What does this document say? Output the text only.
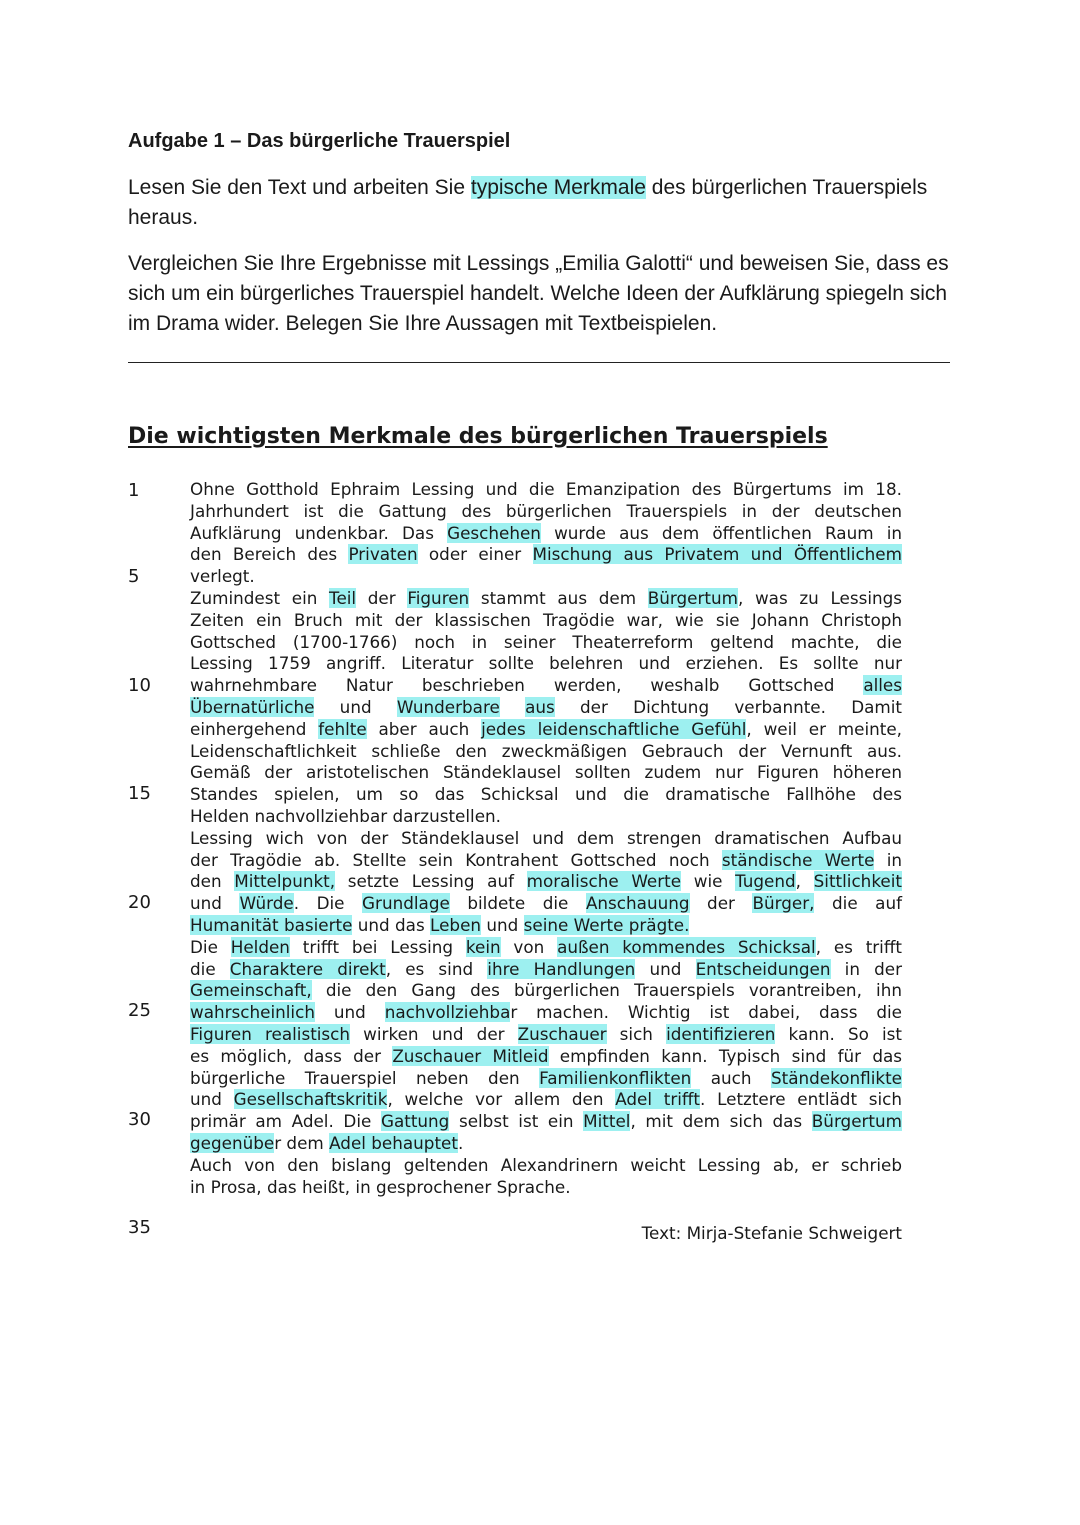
Aufgabe 1 – Das bürgerliche Trauerspiel
Lesen Sie den Text und arbeiten Sie typische Merkmale des bürgerlichen Trauerspiels heraus.
Vergleichen Sie Ihre Ergebnisse mit Lessings „Emilia Galotti“ und beweisen Sie, dass es sich um ein bürgerliches Trauerspiel handelt. Welche Ideen der Aufklärung spiegeln sich im Drama wider. Belegen Sie Ihre Aussagen mit Textbeispielen.
Die wichtigsten Merkmale des bürgerlichen Trauerspiels
1
5
10
15
20
25
30
35
Ohne Gotthold Ephraim Lessing und die Emanzipation des Bürgertums im 18.
Jahrhundert ist die Gattung des bürgerlichen Trauerspiels in der deutschen
Aufklärung undenkbar. Das Geschehen wurde aus dem öffentlichen Raum in
den Bereich des Privaten oder einer Mischung aus Privatem und Öffentlichem
verlegt.
Zumindest ein Teil der Figuren stammt aus dem Bürgertum, was zu Lessings
Zeiten ein Bruch mit der klassischen Tragödie war, wie sie Johann Christoph
Gottsched (1700-1766) noch in seiner Theaterreform geltend machte, die
Lessing 1759 angriff. Literatur sollte belehren und erziehen. Es sollte nur
wahrnehmbare Natur beschrieben werden, weshalb Gottsched alles
Übernatürliche und Wunderbare aus der Dichtung verbannte. Damit
einhergehend fehlte aber auch jedes leidenschaftliche Gefühl, weil er meinte,
Leidenschaftlichkeit schließe den zweckmäßigen Gebrauch der Vernunft aus.
Gemäß der aristotelischen Ständeklausel sollten zudem nur Figuren höheren
Standes spielen, um so das Schicksal und die dramatische Fallhöhe des
Helden nachvollziehbar darzustellen.
Lessing wich von der Ständeklausel und dem strengen dramatischen Aufbau
der Tragödie ab. Stellte sein Kontrahent Gottsched noch ständische Werte in
den Mittelpunkt, setzte Lessing auf moralische Werte wie Tugend, Sittlichkeit
und Würde. Die Grundlage bildete die Anschauung der Bürger, die auf
Humanität basierte und das Leben und seine Werte prägte.
Die Helden trifft bei Lessing kein von außen kommendes Schicksal, es trifft
die Charaktere direkt, es sind ihre Handlungen und Entscheidungen in der
Gemeinschaft, die den Gang des bürgerlichen Trauerspiels vorantreiben, ihn
wahrscheinlich und nachvollziehbar machen. Wichtig ist dabei, dass die
Figuren realistisch wirken und der Zuschauer sich identifizieren kann. So ist
es möglich, dass der Zuschauer Mitleid empfinden kann. Typisch sind für das
bürgerliche Trauerspiel neben den Familienkonflikten auch Ständekonflikte
und Gesellschaftskritik, welche vor allem den Adel trifft. Letztere entlädt sich
primär am Adel. Die Gattung selbst ist ein Mittel, mit dem sich das Bürgertum
gegenüber dem Adel behauptet.
Auch von den bislang geltenden Alexandrinern weicht Lessing ab, er schrieb
in Prosa, das heißt, in gesprochener Sprache.
Text: Mirja-Stefanie Schweigert
